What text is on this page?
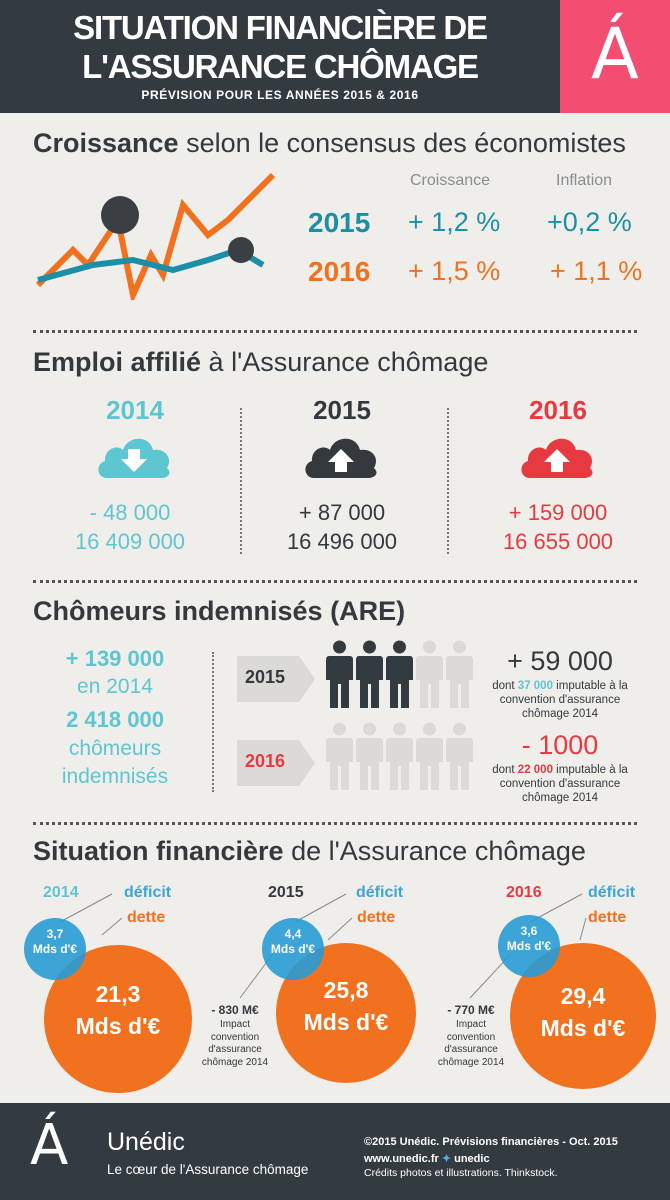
SITUATION FINANCIÈRE DE
L'ASSURANCE CHÔMAGE
PRÉVISION POUR LES ANNÉES 2015 & 2016	Á
Croissance selon le consensus des économistes
Croissance	Inflation
2015 + 1,2 % +0,2 %
2016 + 1,5 % + 1,1 %
Emploi affilié à l'Assurance chômage
2014
- 48 000
16 409 000
2015
+ 87 000
16 496 000
2016
+ 159 000
16 655 000
Chômeurs indemnisés (ARE)
+ 139 000
en 2014
2 418 000
chômeurs
indemnisés
2015
2016
+ 59 000
dont 37 000 imputable à la convention d'assurance chômage 2014
- 1000
dont 22 000 imputable à la convention d'assurance chômage 2014
Situation financière de l'Assurance chômage
2014	déficit
dette
3,7
Mds d'€
21,3
Mds d'€
2015	déficit
dette
4,4
Mds d'€
25,8
Mds d'€
- 830 M€
Impact convention d'assurance chômage 2014
2016	déficit
dette
3,6
Mds d'€
29,4
Mds d'€
- 770 M€
Impact convention d'assurance chômage 2014
Á Unédic
Le cœur de l'Assurance chômage
©2015 Unédic. Prévisions financières - Oct. 2015
www.unedic.fr ✦ unedic
Crédits photos et illustrations. Thinkstock.
